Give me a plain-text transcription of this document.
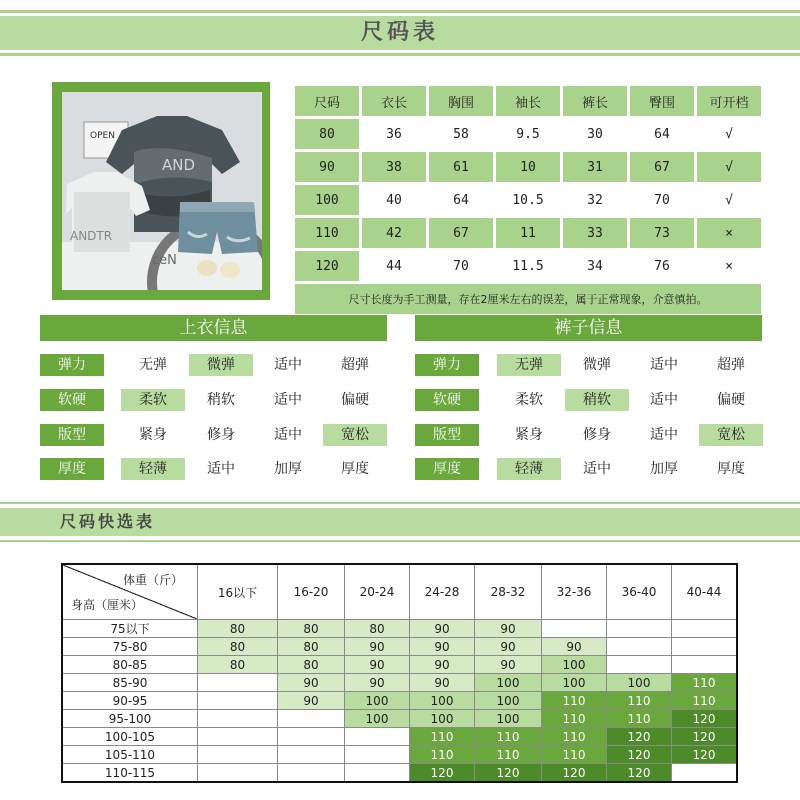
尺码表
OPEN
AND
ANDTR
ceN
尺码	衣长	胸围	袖长	裤长	臀围	可开档
80	36	58	9.5	30	64	√
90	38	61	10	31	67	√
100	40	64	10.5	32	70	√
110	42	67	11	33	73	×
120	44	70	11.5	34	76	×
尺寸长度为手工测量，存在2厘米左右的误差，属于正常现象，介意慎拍。						
上衣信息
弹力	无弹	微弹	适中	超弹
软硬	柔软	稍软	适中	偏硬
版型	紧身	修身	适中	宽松
厚度	轻薄	适中	加厚	厚度
裤子信息
弹力	无弹	微弹	适中	超弹
软硬	柔软	稍软	适中	偏硬
版型	紧身	修身	适中	宽松
厚度	轻薄	适中	加厚	厚度
尺码快选表
体重（斤）
身高（厘米）	16以下	16-20	20-24	24-28	28-32	32-36	36-40	40-44
75以下	80	80	80	90	90			
75-80	80	80	90	90	90	90		
80-85	80	80	90	90	90	100		
85-90		90	90	90	100	100	100	110
90-95		90	100	100	100	110	110	110
95-100			100	100	100	110	110	120
100-105				110	110	110	120	120
105-110				110	110	110	120	120
110-115				120	120	120	120	
